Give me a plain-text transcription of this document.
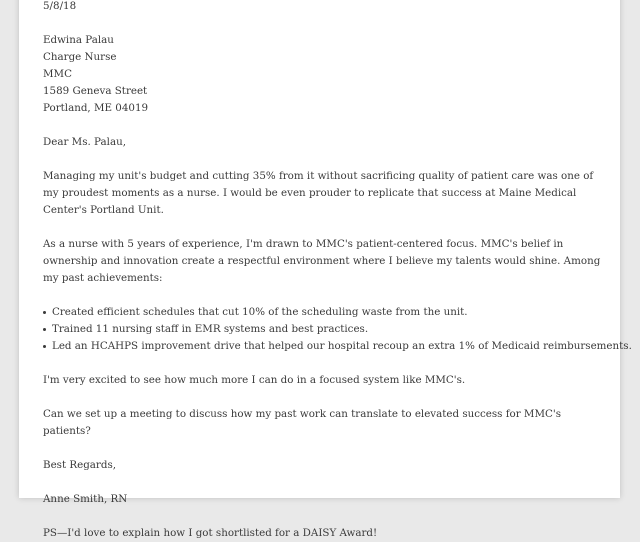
5/8/18
Edwina Palau
Charge Nurse
MMC
1589 Geneva Street
Portland, ME 04019
Dear Ms. Palau,

Managing my unit's budget and cutting 35% from it without sacrificing quality of patient care was one of my proudest moments as a nurse. I would be even prouder to replicate that success at Maine Medical Center's Portland Unit.

As a nurse with 5 years of experience, I'm drawn to MMC's patient-centered focus. MMC's belief in ownership and innovation create a respectful environment where I believe my talents would shine. Among my past achievements:

Created efficient schedules that cut 10% of the scheduling waste from the unit.
Trained 11 nursing staff in EMR systems and best practices.
Led an HCAHPS improvement drive that helped our hospital recoup an extra 1% of Medicaid reimbursements.

I'm very excited to see how much more I can do in a focused system like MMC's.

Can we set up a meeting to discuss how my past work can translate to elevated success for MMC's patients?

Best Regards,
Anne Smith, RN
PS—I'd love to explain how I got shortlisted for a DAISY Award!
